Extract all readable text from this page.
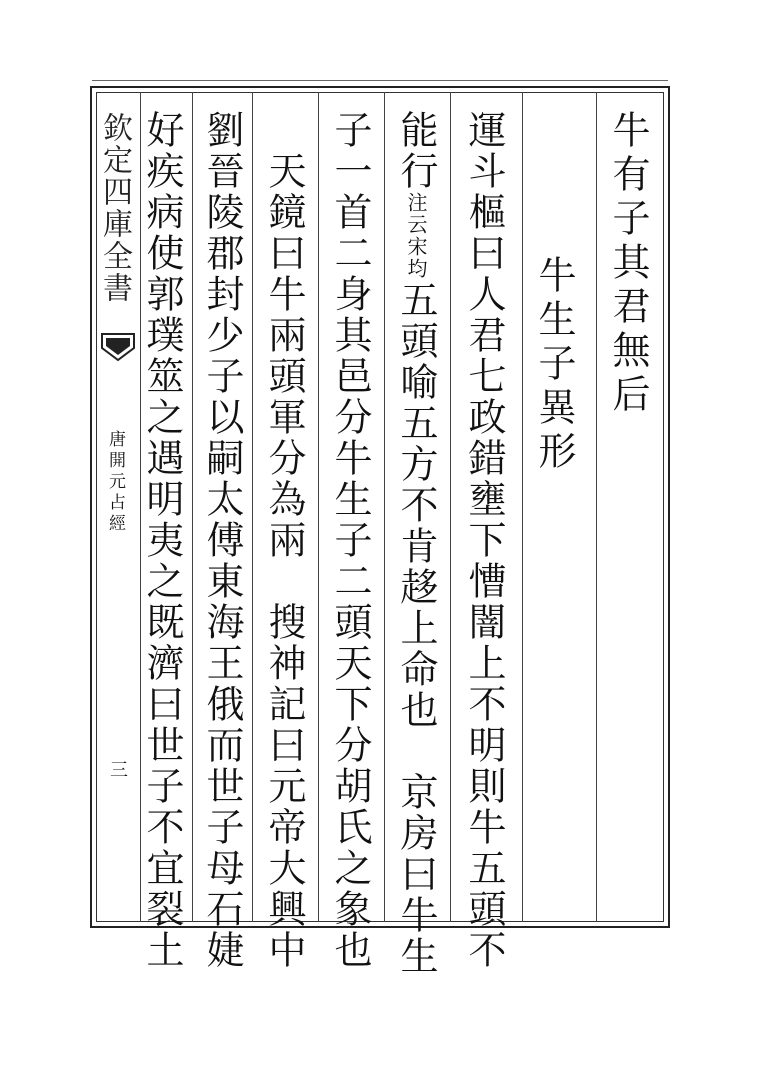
欽定四庫全書
唐開元占經
三
牛有子其君無后
牛生子異形
運斗樞曰人君七政錯壅下慒闇上不明則牛五頭不
能行
宋均
注云
五頭喻五方不肯趍上命也　京房曰牛生
子一首二身其邑分牛生子二頭天下分胡氏之象也
　天鏡曰牛兩頭軍分為兩　搜神記曰元帝大興中
劉晉陵郡封少子以嗣太傅東海王俄而世子母石婕
好疾病使郭璞筮之遇明夷之既濟曰世子不宜裂土
